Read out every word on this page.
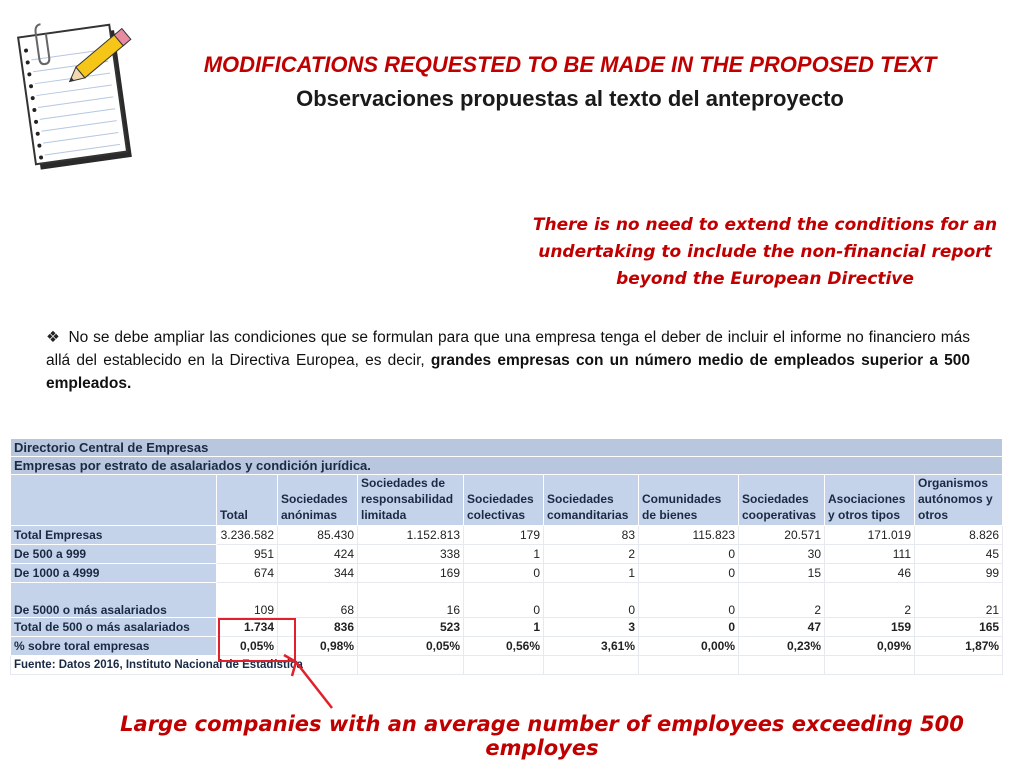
MODIFICATIONS REQUESTED TO BE MADE IN THE PROPOSED TEXT
Observaciones propuestas al texto del anteproyecto
There is no need to extend the conditions for an undertaking to include the non-financial report beyond the European Directive
❖ No se debe ampliar las condiciones que se formulan para que una empresa tenga el deber de incluir el informe no financiero más allá del establecido en la Directiva Europea, es decir, grandes empresas con un número medio de empleados superior a 500 empleados.
Directorio Central de Empresas									
Empresas por estrato de asalariados y condición jurídica.									
	Total	Sociedades anónimas	Sociedades de responsabilidad limitada	Sociedades colectivas	Sociedades comanditarias	Comunidades de bienes	Sociedades cooperativas	Asociaciones y otros tipos	Organismos autónomos y otros
Total Empresas	3.236.582	85.430	1.152.813	179	83	115.823	20.571	171.019	8.826
De 500 a 999	951	424	338	1	2	0	30	111	45
De 1000 a 4999	674	344	169	0	1	0	15	46	99
De 5000 o más asalariados	109	68	16	0	0	0	2	2	21
Total de 500 o más asalariados	1.734	836	523	1	3	0	47	159	165
% sobre toral empresas	0,05%	0,98%	0,05%	0,56%	3,61%	0,00%	0,23%	0,09%	1,87%
Fuente: Datos 2016, Instituto Nacional de Estadística									
Large companies with an average number of employees exceeding 500 employes
